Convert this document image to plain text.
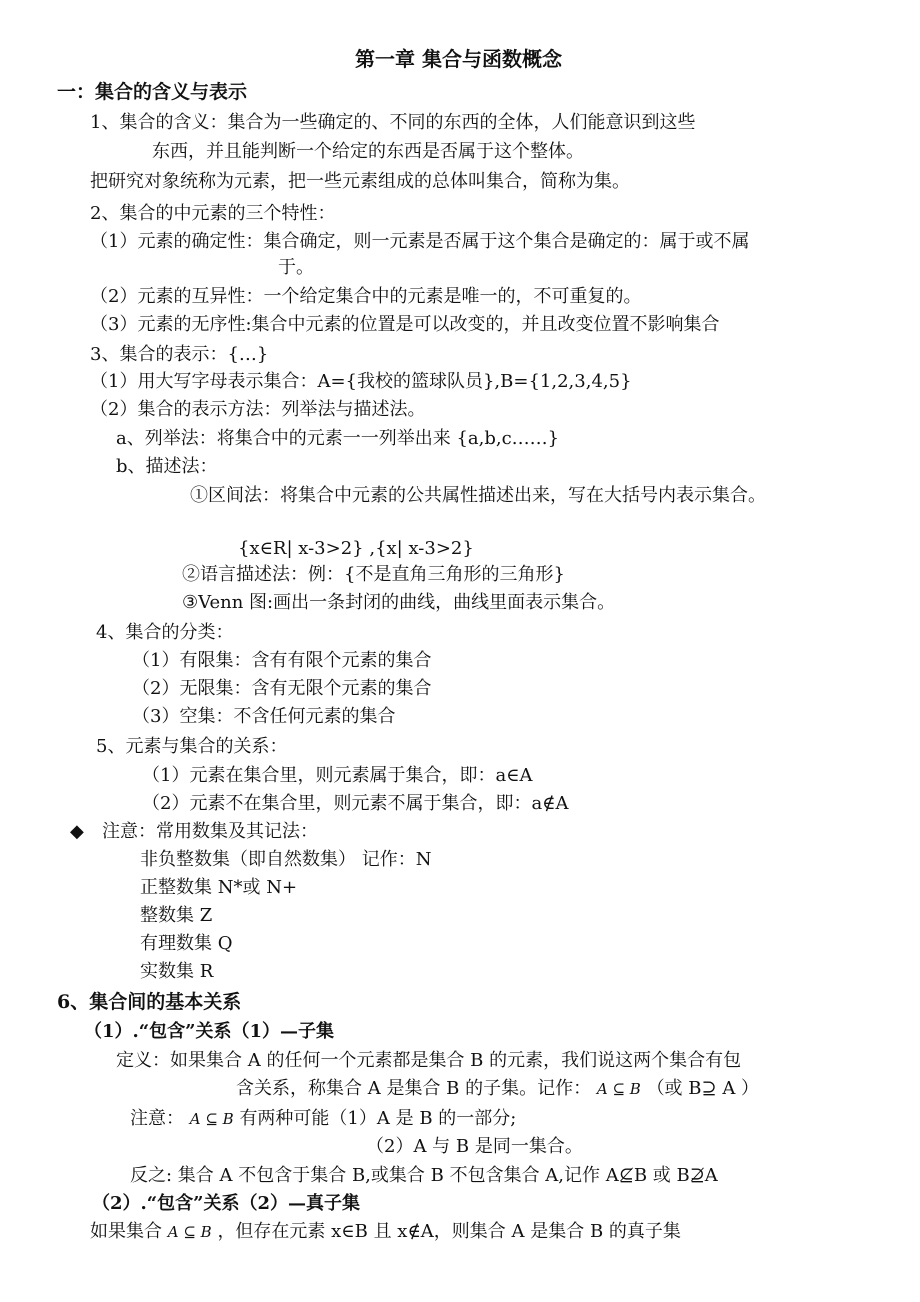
第一章 集合与函数概念
一：集合的含义与表示
1、集合的含义：集合为一些确定的、不同的东西的全体，人们能意识到这些
东西，并且能判断一个给定的东西是否属于这个整体。
把研究对象统称为元素，把一些元素组成的总体叫集合，简称为集。
2、集合的中元素的三个特性：
（1）元素的确定性：集合确定，则一元素是否属于这个集合是确定的：属于或不属
于。
（2）元素的互异性：一个给定集合中的元素是唯一的，不可重复的。
（3）元素的无序性:集合中元素的位置是可以改变的，并且改变位置不影响集合
3、集合的表示：{…}
（1）用大写字母表示集合：A={我校的篮球队员},B={1,2,3,4,5}
（2）集合的表示方法：列举法与描述法。
a、列举法：将集合中的元素一一列举出来 {a,b,c……}
b、描述法：
①区间法：将集合中元素的公共属性描述出来，写在大括号内表示集合。
{x∈R| x-3>2} ,{x| x-3>2}
②语言描述法：例：{不是直角三角形的三角形}
③Venn 图:画出一条封闭的曲线，曲线里面表示集合。
4、集合的分类：
（1）有限集：含有有限个元素的集合
（2）无限集：含有无限个元素的集合
（3）空集：不含任何元素的集合
5、元素与集合的关系：
（1）元素在集合里，则元素属于集合，即：a∈A
（2）元素不在集合里，则元素不属于集合，即：a∉A
◆ 注意：常用数集及其记法：
非负整数集（即自然数集） 记作：N
正整数集 N*或 N+
整数集 Z
有理数集 Q
实数集 R
6、集合间的基本关系
（1）.“包含”关系（1）—子集
定义：如果集合 A 的任何一个元素都是集合 B 的元素，我们说这两个集合有包
含关系，称集合 A 是集合 B 的子集。记作： A ⊆ B （或 B⊇ A ）
注意： A ⊆ B 有两种可能（1）A 是 B 的一部分;
（2）A 与 B 是同一集合。
反之: 集合 A 不包含于集合 B,或集合 B 不包含集合 A,记作 A⊈B 或 B⊉A
（2）.“包含”关系（2）—真子集
如果集合 A ⊆ B ，但存在元素 x∈B 且 x∉A，则集合 A 是集合 B 的真子集
